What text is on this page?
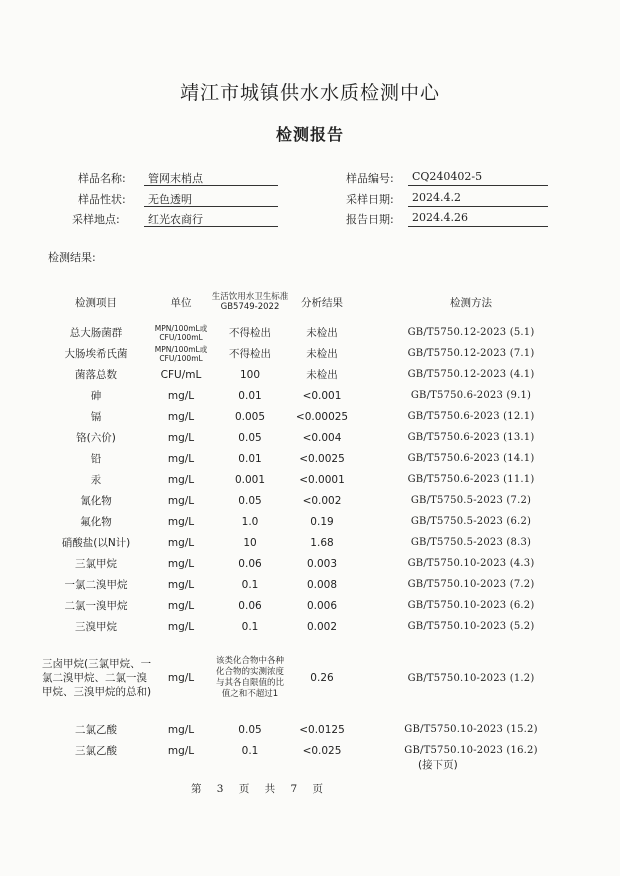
靖江市城镇供水水质检测中心
检测报告
样品名称:	管网末梢点
样品性状:	无色透明
采样地点:	红光农商行
样品编号:	CQ240402-5
采样日期:	2024.4.2
报告日期:	2024.4.26
检测结果:
检测项目	单位	生活饮用水卫生标准GB5749-2022	分析结果	检测方法
总大肠菌群	MPN/100mL或CFU/100mL	不得检出	未检出	GB/T5750.12-2023 (5.1)
大肠埃希氏菌	MPN/100mL或CFU/100mL	不得检出	未检出	GB/T5750.12-2023 (7.1)
菌落总数	CFU/mL	100	未检出	GB/T5750.12-2023 (4.1)
砷	mg/L	0.01	<0.001	GB/T5750.6-2023 (9.1)
镉	mg/L	0.005	<0.00025	GB/T5750.6-2023 (12.1)
铬(六价)	mg/L	0.05	<0.004	GB/T5750.6-2023 (13.1)
铅	mg/L	0.01	<0.0025	GB/T5750.6-2023 (14.1)
汞	mg/L	0.001	<0.0001	GB/T5750.6-2023 (11.1)
氰化物	mg/L	0.05	<0.002	GB/T5750.5-2023 (7.2)
氟化物	mg/L	1.0	0.19	GB/T5750.5-2023 (6.2)
硝酸盐(以N计)	mg/L	10	1.68	GB/T5750.5-2023 (8.3)
三氯甲烷	mg/L	0.06	0.003	GB/T5750.10-2023 (4.3)
一氯二溴甲烷	mg/L	0.1	0.008	GB/T5750.10-2023 (7.2)
二氯一溴甲烷	mg/L	0.06	0.006	GB/T5750.10-2023 (6.2)
三溴甲烷	mg/L	0.1	0.002	GB/T5750.10-2023 (5.2)
三卤甲烷(三氯甲烷、一氯二溴甲烷、二氯一溴甲烷、三溴甲烷的总和)	mg/L	该类化合物中各种化合物的实测浓度与其各自限值的比值之和不超过1	0.26	GB/T5750.10-2023 (1.2)
二氯乙酸	mg/L	0.05	<0.0125	GB/T5750.10-2023 (15.2)
三氯乙酸	mg/L	0.1	<0.025	GB/T5750.10-2023 (16.2)
(接下页)
第 3 页 共 7 页
